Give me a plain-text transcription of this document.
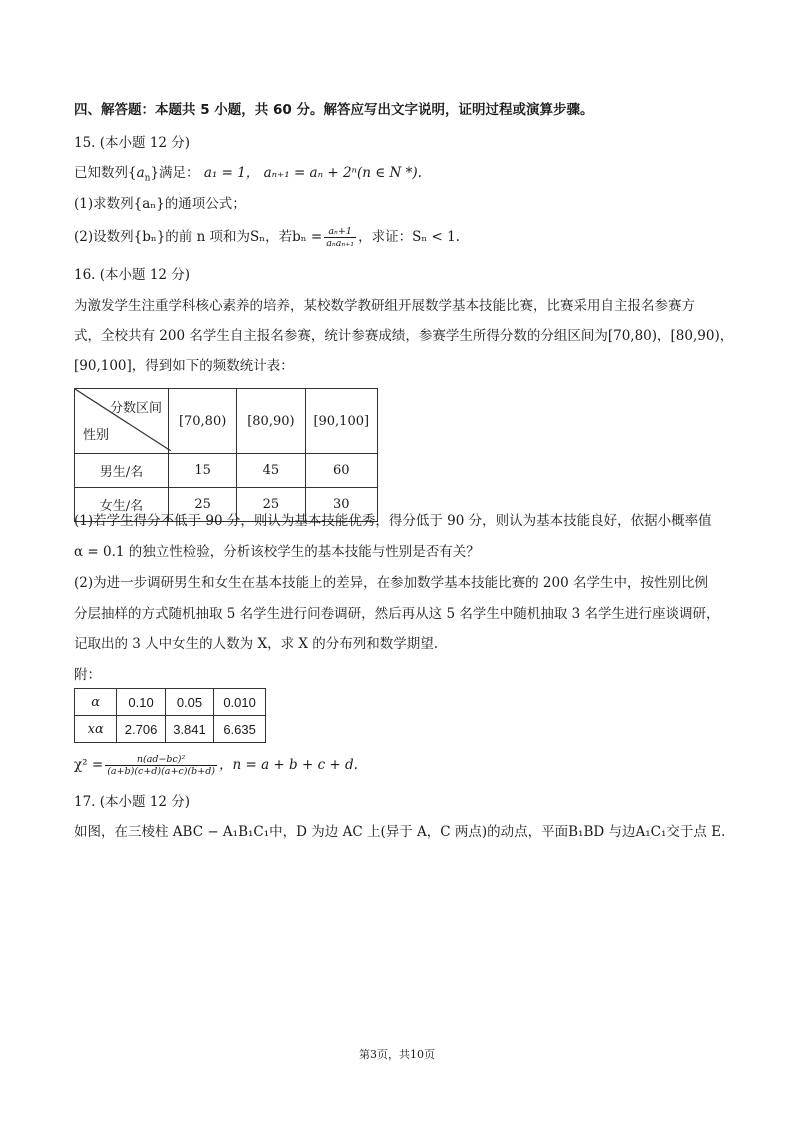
四、解答题：本题共 5 小题，共 60 分。解答应写出文字说明，证明过程或演算步骤。
15. (本小题 12 分)
已知数列$\{a_n\}$满足： a₁ = 1， aₙ₊₁ = aₙ + 2ⁿ(n ∈ N *).
(1)求数列{aₙ}的通项公式；
(2)设数列{bₙ}的前 n 项和为Sₙ，若$b_n = \frac{\text{aₙ+1}}{\text{aₙaₙ₊₁}}$ ，求证：Sₙ < 1.
16. (本小题 12 分)
为激发学生注重学科核心素养的培养，某校数学教研组开展数学基本技能比赛，比赛采用自主报名参赛方
式，全校共有 200 名学生自主报名参赛，统计参赛成绩，参赛学生所得分数的分组区间为[70,80)，[80,90)，
[90,100]，得到如下的频数统计表：
分数区间
性别	[70,80)	[80,90)	[90,100]
男生/名	15	45	60
女生/名	25	25	30
(1)若学生得分不低于 90 分，则认为基本技能优秀，得分低于 90 分，则认为基本技能良好，依据小概率值
α = 0.1 的独立性检验，分析该校学生的基本技能与性别是否有关？
(2)为进一步调研男生和女生在基本技能上的差异，在参加数学基本技能比赛的 200 名学生中，按性别比例
分层抽样的方式随机抽取 5 名学生进行问卷调研，然后再从这 5 名学生中随机抽取 3 名学生进行座谈调研，
记取出的 3 人中女生的人数为 X，求 X 的分布列和数学期望.
附：
α	0.10	0.05	0.010
xα	2.706	3.841	6.635
$\chi^2 = \frac{\text{n(ad−bc)²}}{(a+b)(c+d)(a+c)(b+d)}$ ，n = a + b + c + d.
17. (本小题 12 分)
如图，在三棱柱 ABC − A₁B₁C₁中，D 为边 AC 上(异于 A，C 两点)的动点，平面B₁BD 与边A₁C₁交于点 E.
第3页，共10页
